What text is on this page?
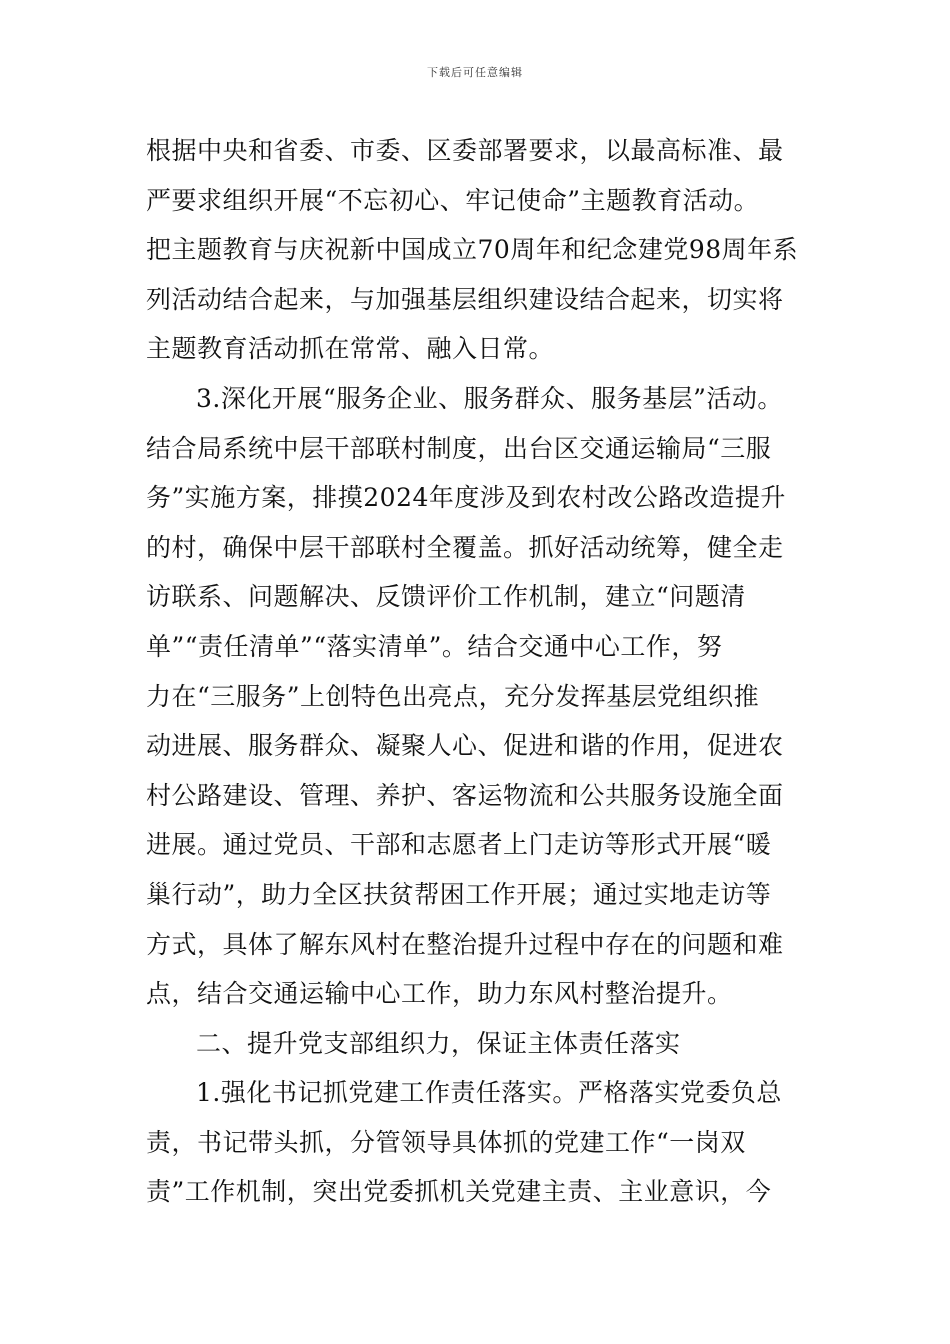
下载后可任意编辑
根据中央和省委、市委、区委部署要求，以最高标准、最
严要求组织开展“不忘初心、牢记使命”主题教育活动。
把主题教育与庆祝新中国成立70周年和纪念建党98周年系
列活动结合起来，与加强基层组织建设结合起来，切实将
主题教育活动抓在常常、融入日常。
3.深化开展“服务企业、服务群众、服务基层”活动。
结合局系统中层干部联村制度，出台区交通运输局“三服
务”实施方案，排摸2024年度涉及到农村改公路改造提升
的村，确保中层干部联村全覆盖。抓好活动统筹，健全走
访联系、问题解决、反馈评价工作机制，建立“问题清
单”“责任清单”“落实清单”。结合交通中心工作，努
力在“三服务”上创特色出亮点，充分发挥基层党组织推
动进展、服务群众、凝聚人心、促进和谐的作用，促进农
村公路建设、管理、养护、客运物流和公共服务设施全面
进展。通过党员、干部和志愿者上门走访等形式开展“暖
巢行动”，助力全区扶贫帮困工作开展；通过实地走访等
方式，具体了解东风村在整治提升过程中存在的问题和难
点，结合交通运输中心工作，助力东风村整治提升。
二、提升党支部组织力，保证主体责任落实
1.强化书记抓党建工作责任落实。严格落实党委负总
责，书记带头抓，分管领导具体抓的党建工作“一岗双
责”工作机制，突出党委抓机关党建主责、主业意识，今
